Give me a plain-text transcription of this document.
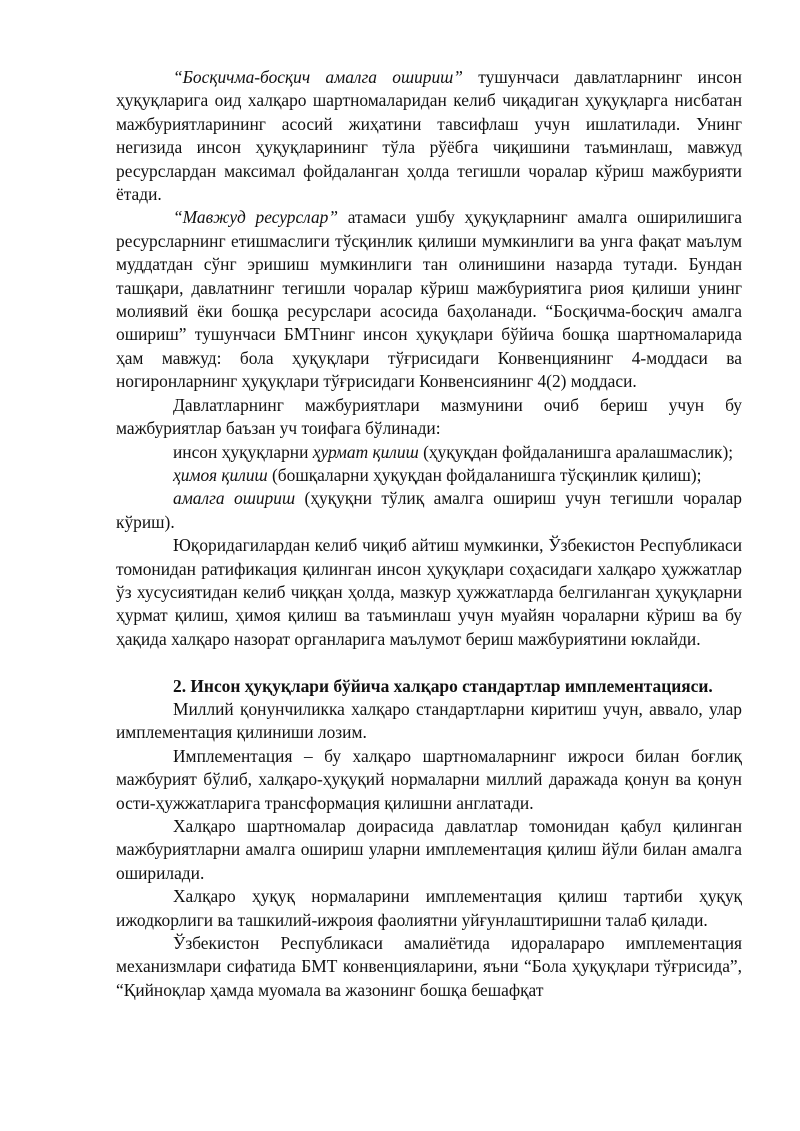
“Босқичма-босқич амалга ошириш” тушунчаси давлатларнинг инсон ҳуқуқларига оид халқаро шартномаларидан келиб чиқадиган ҳуқуқларга нисбатан мажбуриятларининг асосий жиҳатини тавсифлаш учун ишлатилади. Унинг негизида инсон ҳуқуқларининг тўла рўёбга чиқишини таъминлаш, мавжуд ресурслардан максимал фойдаланган ҳолда тегишли чоралар кўриш мажбурияти ётади.

“Мавжуд ресурслар” атамаси ушбу ҳуқуқларнинг амалга оширилишига ресурсларнинг етишмаслиги тўсқинлик қилиши мумкинлиги ва унга фақат маълум муддатдан сўнг эришиш мумкинлиги тан олинишини назарда тутади. Бундан ташқари, давлатнинг тегишли чоралар кўриш мажбуриятига риоя қилиши унинг молиявий ёки бошқа ресурслари асосида баҳоланади. “Босқичма-босқич амалга ошириш” тушунчаси БМТнинг инсон ҳуқуқлари бўйича бошқа шартномаларида ҳам мавжуд: бола ҳуқуқлари тўғрисидаги Конвенциянинг 4-моддаси ва ногиронларнинг ҳуқуқлари тўғрисидаги Конвенсиянинг 4(2) моддаси.

Давлатларнинг мажбуриятлари мазмунини очиб бериш учун бу мажбуриятлар баъзан уч тоифага бўлинади:

инсон ҳуқуқларни ҳурмат қилиш (ҳуқуқдан фойдаланишга аралашмаслик);

ҳимоя қилиш (бошқаларни ҳуқуқдан фойдаланишга тўсқинлик қилиш);

амалга ошириш (ҳуқуқни тўлиқ амалга ошириш учун тегишли чоралар кўриш).

Юқоридагилардан келиб чиқиб айтиш мумкинки, Ўзбекистон Республикаси томонидан ратификация қилинган инсон ҳуқуқлари соҳасидаги халқаро ҳужжатлар ўз хусусиятидан келиб чиққан ҳолда, мазкур ҳужжатларда белгиланган ҳуқуқларни ҳурмат қилиш, ҳимоя қилиш ва таъминлаш учун муайян чораларни кўриш ва бу ҳақида халқаро назорат органларига маълумот бериш мажбуриятини юклайди.

2. Инсон ҳуқуқлари бўйича халқаро стандартлар имплементацияси.

Миллий қонунчиликка халқаро стандартларни киритиш учун, аввало, улар имплементация қилиниши лозим.

Имплементация – бу халқаро шартномаларнинг ижроси билан боғлиқ мажбурият бўлиб, халқаро-ҳуқуқий нормаларни миллий даражада қонун ва қонун ости-ҳужжатларига трансформация қилишни англатади.

Халқаро шартномалар доирасида давлатлар томонидан қабул қилинган мажбуриятларни амалга ошириш уларни имплементация қилиш йўли билан амалга оширилади.

Халқаро ҳуқуқ нормаларини имплементация қилиш тартиби ҳуқуқ ижодкорлиги ва ташкилий-ижроия фаолиятни уйғунлаштиришни талаб қилади.

Ўзбекистон Республикаси амалиётида идоралараро имплементация механизмлари сифатида БМТ конвенцияларини, яъни “Бола ҳуқуқлари тўғрисида”, “Қийноқлар ҳамда муомала ва жазонинг бошқа бешафқат
